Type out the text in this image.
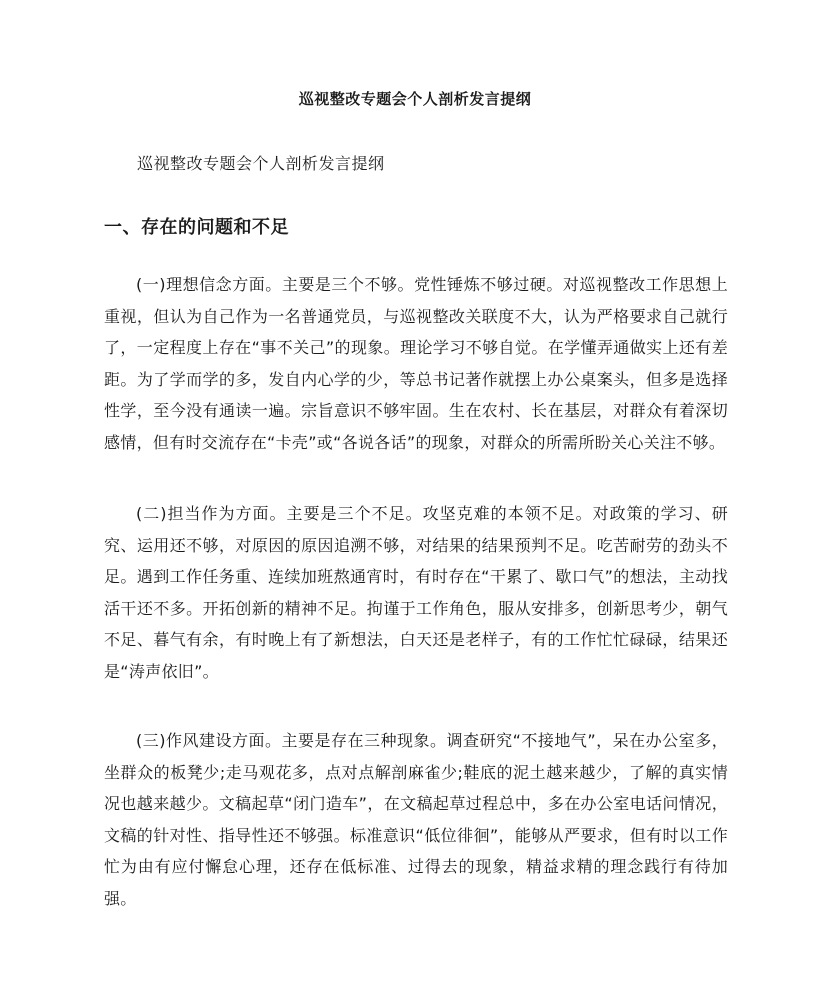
巡视整改专题会个人剖析发言提纲
巡视整改专题会个人剖析发言提纲
一、存在的问题和不足

(一)理想信念方面。主要是三个不够。党性锤炼不够过硬。对巡视整改工作思想上重视，但认为自己作为一名普通党员，与巡视整改关联度不大，认为严格要求自己就行了，一定程度上存在“事不关己”的现象。理论学习不够自觉。在学懂弄通做实上还有差距。为了学而学的多，发自内心学的少，等总书记著作就摆上办公桌案头，但多是选择性学，至今没有通读一遍。宗旨意识不够牢固。生在农村、长在基层，对群众有着深切感情，但有时交流存在“卡壳”或“各说各话”的现象，对群众的所需所盼关心关注不够。

(二)担当作为方面。主要是三个不足。攻坚克难的本领不足。对政策的学习、研究、运用还不够，对原因的原因追溯不够，对结果的结果预判不足。吃苦耐劳的劲头不足。遇到工作任务重、连续加班熬通宵时，有时存在“干累了、歇口气”的想法，主动找活干还不多。开拓创新的精神不足。拘谨于工作角色，服从安排多，创新思考少，朝气不足、暮气有余，有时晚上有了新想法，白天还是老样子，有的工作忙忙碌碌，结果还是“涛声依旧”。

(三)作风建设方面。主要是存在三种现象。调查研究“不接地气”，呆在办公室多，坐群众的板凳少;走马观花多，点对点解剖麻雀少;鞋底的泥土越来越少，了解的真实情况也越来越少。文稿起草“闭门造车”，在文稿起草过程总中，多在办公室电话问情况，文稿的针对性、指导性还不够强。标准意识“低位徘徊”，能够从严要求，但有时以工作忙为由有应付懈怠心理，还存在低标准、过得去的现象，精益求精的理念践行有待加强。
